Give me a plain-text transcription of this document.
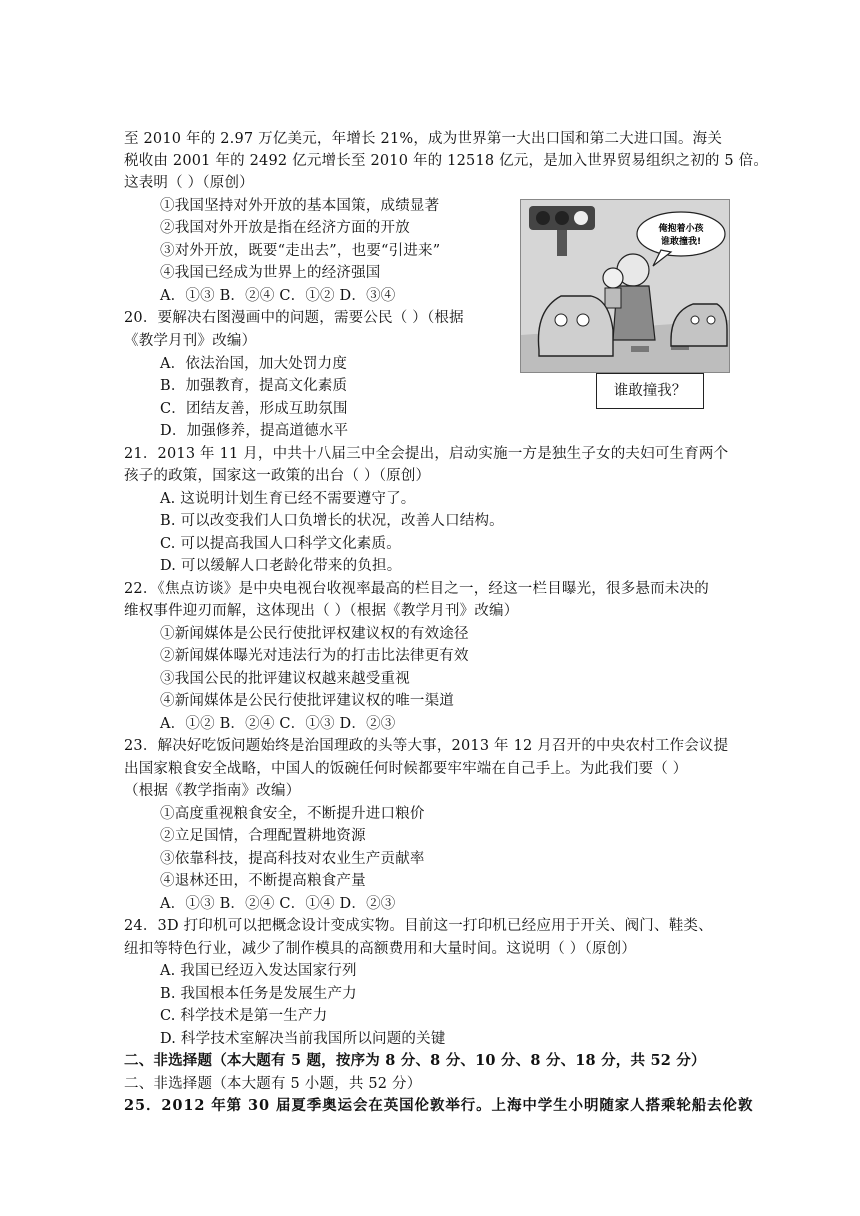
至 2010 年的 2.97 万亿美元，年增长 21%，成为世界第一大出口国和第二大进口国。海关
税收由 2001 年的 2492 亿元增长至 2010 年的 12518 亿元，是加入世界贸易组织之初的 5 倍。
这表明（ ）（原创）
①我国坚持对外开放的基本国策，成绩显著
②我国对外开放是指在经济方面的开放
③对外开放，既要“走出去”，也要“引进来”
④我国已经成为世界上的经济强国
A．①③ B．②④ C．①② D．③④
20．要解决右图漫画中的问题，需要公民（ ）（根据
《教学月刊》改编）
A．依法治国，加大处罚力度
B．加强教育，提高文化素质
C．团结友善，形成互助氛围
D．加强修养，提高道德水平
21．2013 年 11 月，中共十八届三中全会提出，启动实施一方是独生子女的夫妇可生育两个
孩子的政策，国家这一政策的出台（ ）（原创）
A. 这说明计划生育已经不需要遵守了。
B. 可以改变我们人口负增长的状况，改善人口结构。
C. 可以提高我国人口科学文化素质。
D. 可以缓解人口老龄化带来的负担。
22．《焦点访谈》是中央电视台收视率最高的栏目之一，经这一栏目曝光，很多悬而未决的
维权事件迎刃而解，这体现出（ ）（根据《教学月刊》改编）
①新闻媒体是公民行使批评权建议权的有效途径
②新闻媒体曝光对违法行为的打击比法律更有效
③我国公民的批评建议权越来越受重视
④新闻媒体是公民行使批评建议权的唯一渠道
A．①② B．②④ C．①③ D．②③
23．解决好吃饭问题始终是治国理政的头等大事，2013 年 12 月召开的中央农村工作会议提
出国家粮食安全战略，中国人的饭碗任何时候都要牢牢端在自己手上。为此我们要（ ）
（根据《教学指南》改编）
①高度重视粮食安全，不断提升进口粮价
②立足国情，合理配置耕地资源
③依靠科技，提高科技对农业生产贡献率
④退林还田，不断提高粮食产量
A．①③ B．②④ C．①④ D．②③
24．3D 打印机可以把概念设计变成实物。目前这一打印机已经应用于开关、阀门、鞋类、
纽扣等特色行业，减少了制作模具的高额费用和大量时间。这说明（ ）（原创）
A. 我国已经迈入发达国家行列
B. 我国根本任务是发展生产力
C. 科学技术是第一生产力
D. 科学技术室解决当前我国所以问题的关键
二、非选择题（本大题有 5 题，按序为 8 分、8 分、10 分、8 分、18 分，共 52 分）
二、非选择题（本大题有 5 小题，共 52 分）
25．2012 年第 30 届夏季奥运会在英国伦敦举行。上海中学生小明随家人搭乘轮船去伦敦
俺抱着小孩
谁敢撞我!
谁敢撞我？
